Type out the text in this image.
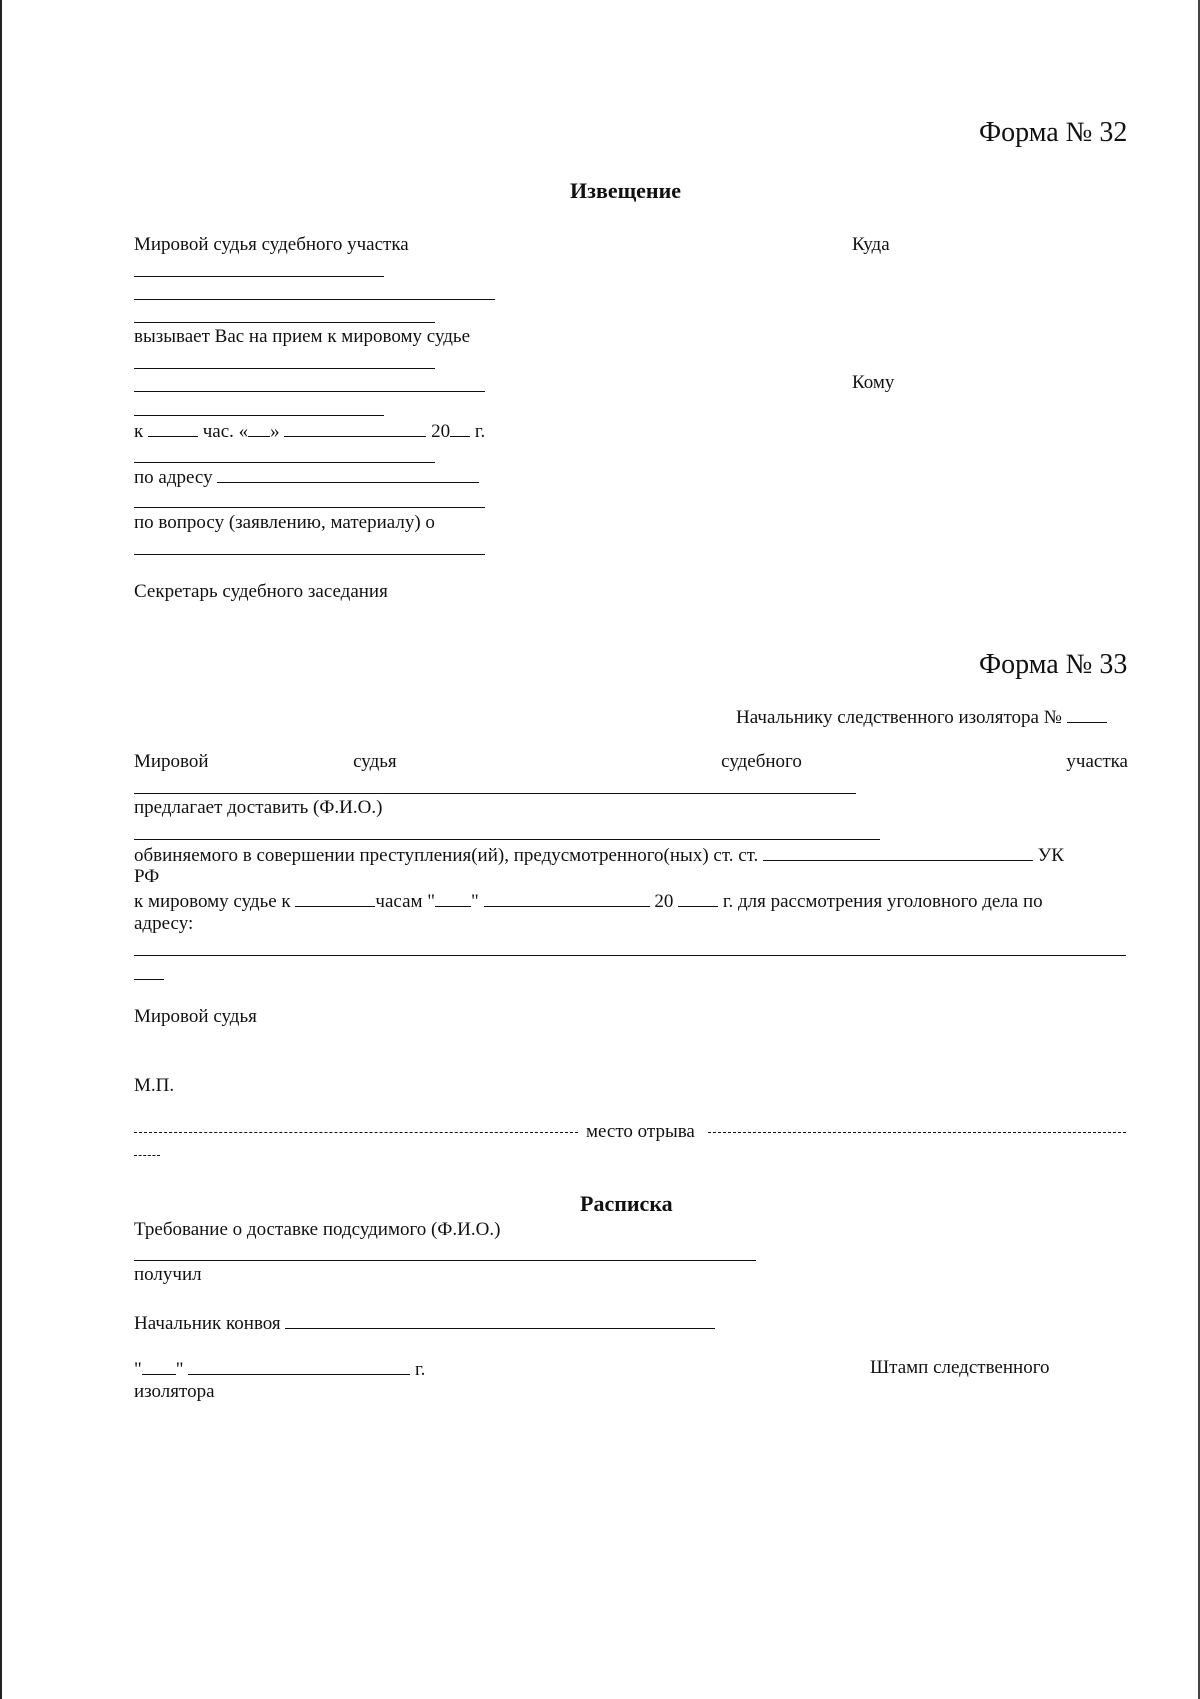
Форма № 32
Извещение
Мировой судья судебного участка	Куда
вызывает Вас на прием к мировому судье
Кому
к	час. « »	20 г.
по адресу
по вопросу (заявлению, материалу) о
Секретарь судебного заседания
Форма № 33
Начальнику следственного изолятора №
Мировой	судья	судебного	участка
предлагает доставить (Ф.И.О.)
обвиняемого в совершении преступления(ий), предусмотренного(ных) ст. ст.	УК
РФ
к мировому судье к	часам " "	20	г. для рассмотрения уголовного дела по
адресу:
Мировой судья
М.П.
место отрыва
Расписка
Требование о доставке подсудимого (Ф.И.О.)
получил
Начальник конвоя
" "	г.	Штамп следственного
изолятора
